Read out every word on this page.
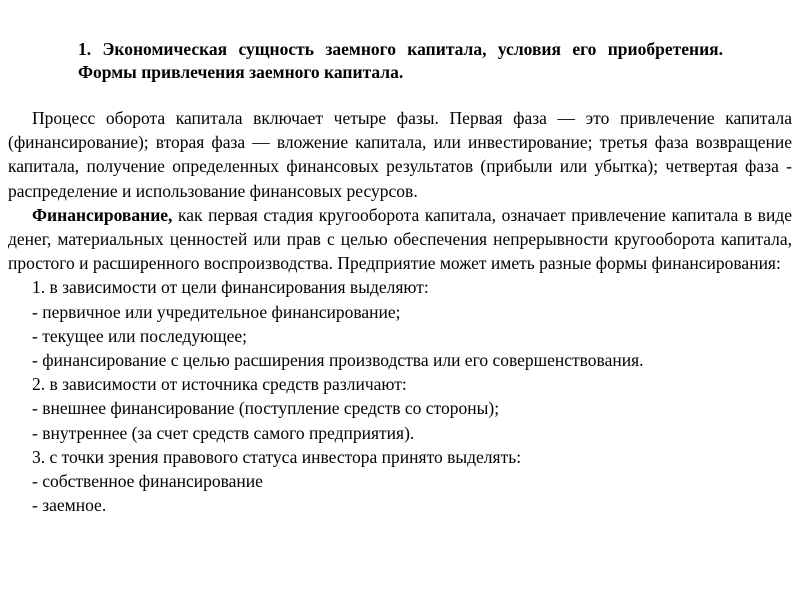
1. Экономическая сущность заемного капитала, условия его приобретения. Формы привлечения заемного капитала.

Процесс оборота капитала включает четыре фазы. Первая фаза — это привлечение капитала (финансирование); вторая фаза — вложение капитала, или инвестирование; третья фаза возвращение капитала, получение определенных финансовых результатов (прибыли или убытка); четвертая фаза - распределение и использование финансовых ресурсов.

Финансирование, как первая стадия кругооборота капитала, означает привлечение капитала в виде денег, материальных ценностей или прав с целью обеспечения непрерывности кругооборота капитала, простого и расширенного воспроизводства. Предприятие может иметь разные формы финансирования:

1. в зависимости от цели финансирования выделяют:

- первичное или учредительное финансирование;

- текущее или последующее;

- финансирование с целью расширения производства или его совершенствования.

2. в зависимости от источника средств различают:

- внешнее финансирование (поступление средств со стороны);

- внутреннее (за счет средств самого предприятия).

3. с точки зрения правового статуса инвестора принято выделять:

- собственное финансирование

- заемное.
